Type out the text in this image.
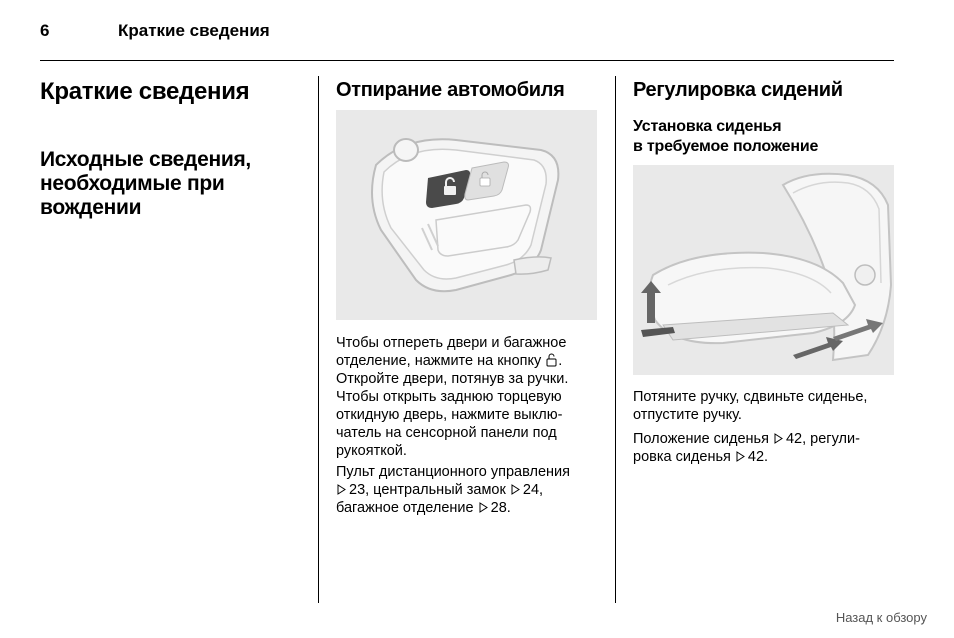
6	Краткие сведения
Краткие сведения
Исходные сведения,
необходимые при
вождении
Отпирание автомобиля
Чтобы отпереть двери и багажное
отделение, нажмите на кнопку .
Откройте двери, потянув за ручки.
Чтобы открыть заднюю торцевую
откидную дверь, нажмите выклю-
чатель на сенсорной панели под
рукояткой.
Пульт дистанционного управления
23, центральный замок 24,
багажное отделение 28.
Регулировка сидений
Установка сиденья
в требуемое положение
Потяните ручку, сдвиньте сиденье,
отпустите ручку.
Положение сиденья 42, регули-
ровка сиденья 42.
Назад к обзору
